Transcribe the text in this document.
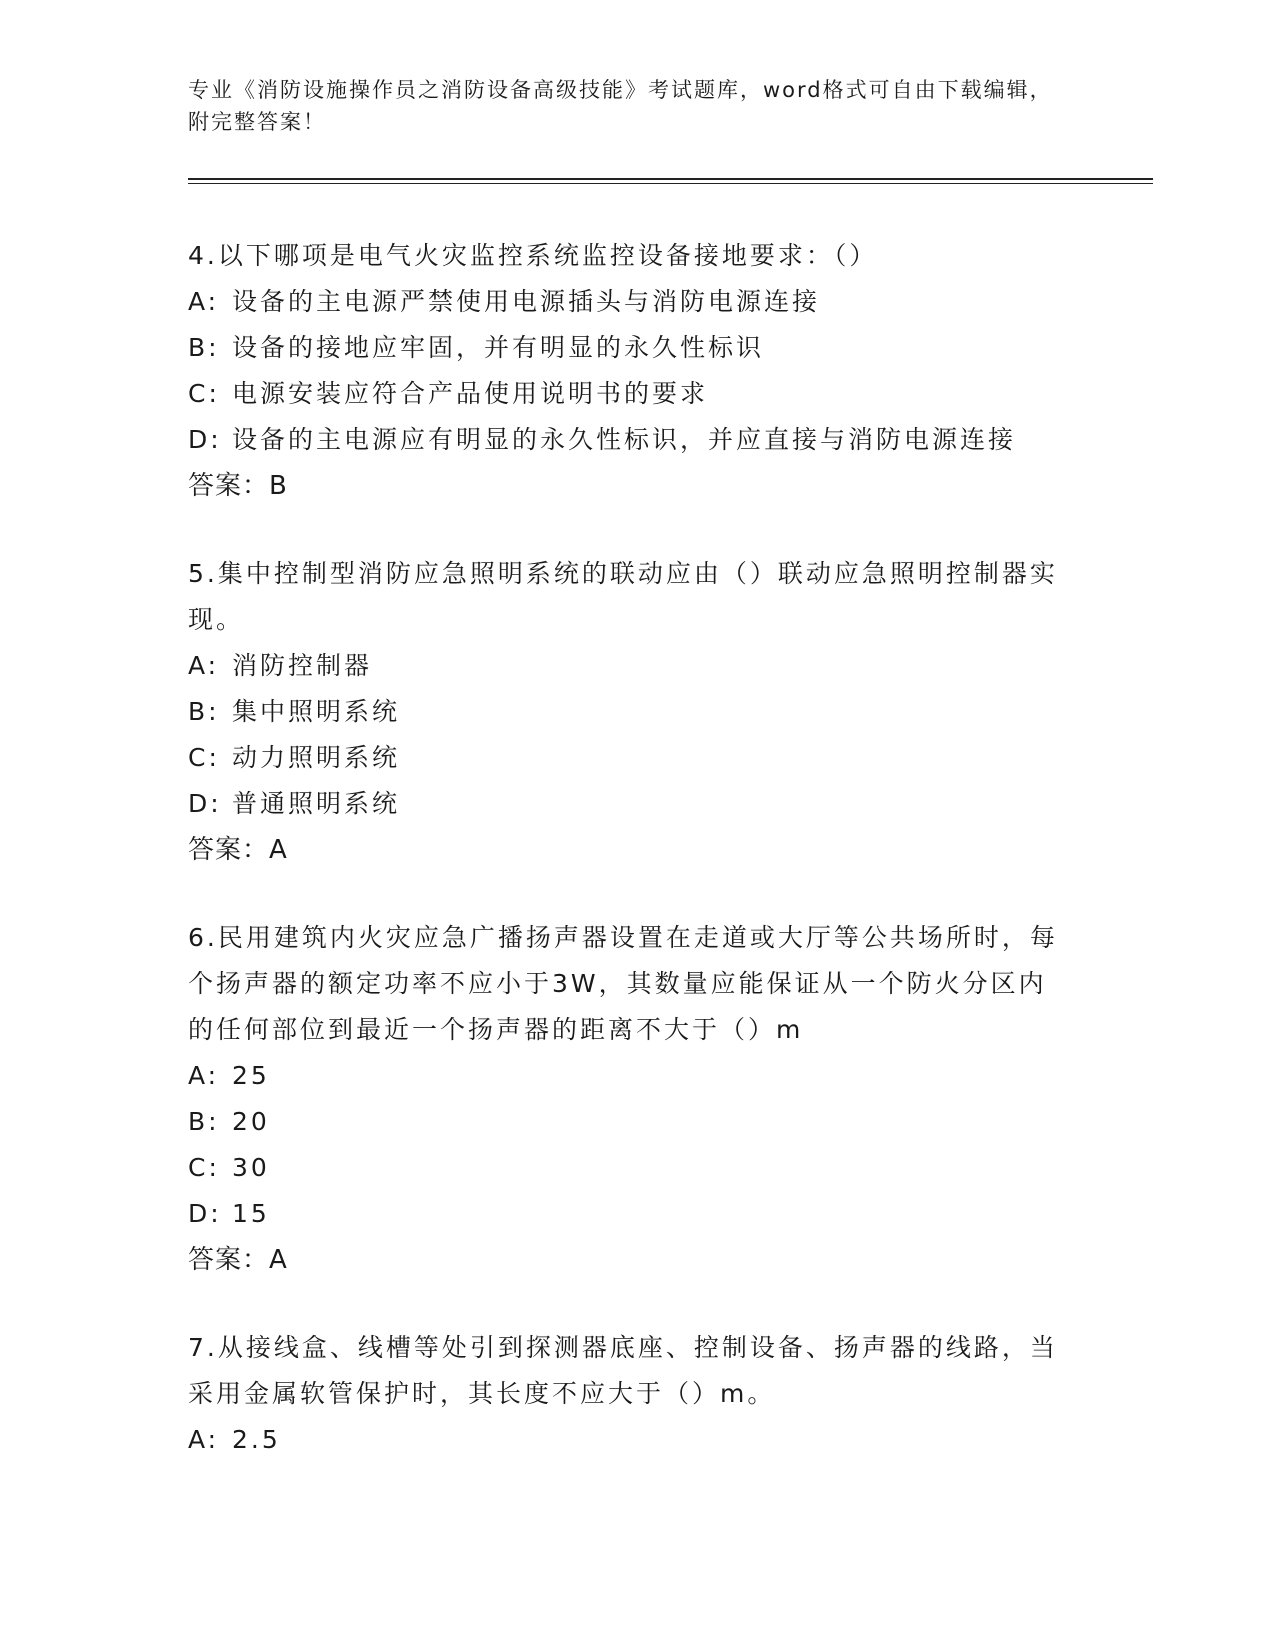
专业《消防设施操作员之消防设备高级技能》考试题库，word格式可自由下载编辑，附完整答案！
4.以下哪项是电气火灾监控系统监控设备接地要求：（）
A: 设备的主电源严禁使用电源插头与消防电源连接
B: 设备的接地应牢固，并有明显的永久性标识
C: 电源安装应符合产品使用说明书的要求
D: 设备的主电源应有明显的永久性标识，并应直接与消防电源连接
答案：B
5.集中控制型消防应急照明系统的联动应由（）联动应急照明控制器实现。
A: 消防控制器
B: 集中照明系统
C: 动力照明系统
D: 普通照明系统
答案：A
6.民用建筑内火灾应急广播扬声器设置在走道或大厅等公共场所时，每个扬声器的额定功率不应小于3W，其数量应能保证从一个防火分区内的任何部位到最近一个扬声器的距离不大于（）m
A: 25
B: 20
C: 30
D: 15
答案：A
7.从接线盒、线槽等处引到探测器底座、控制设备、扬声器的线路，当采用金属软管保护时，其长度不应大于（）m。
A: 2.5
